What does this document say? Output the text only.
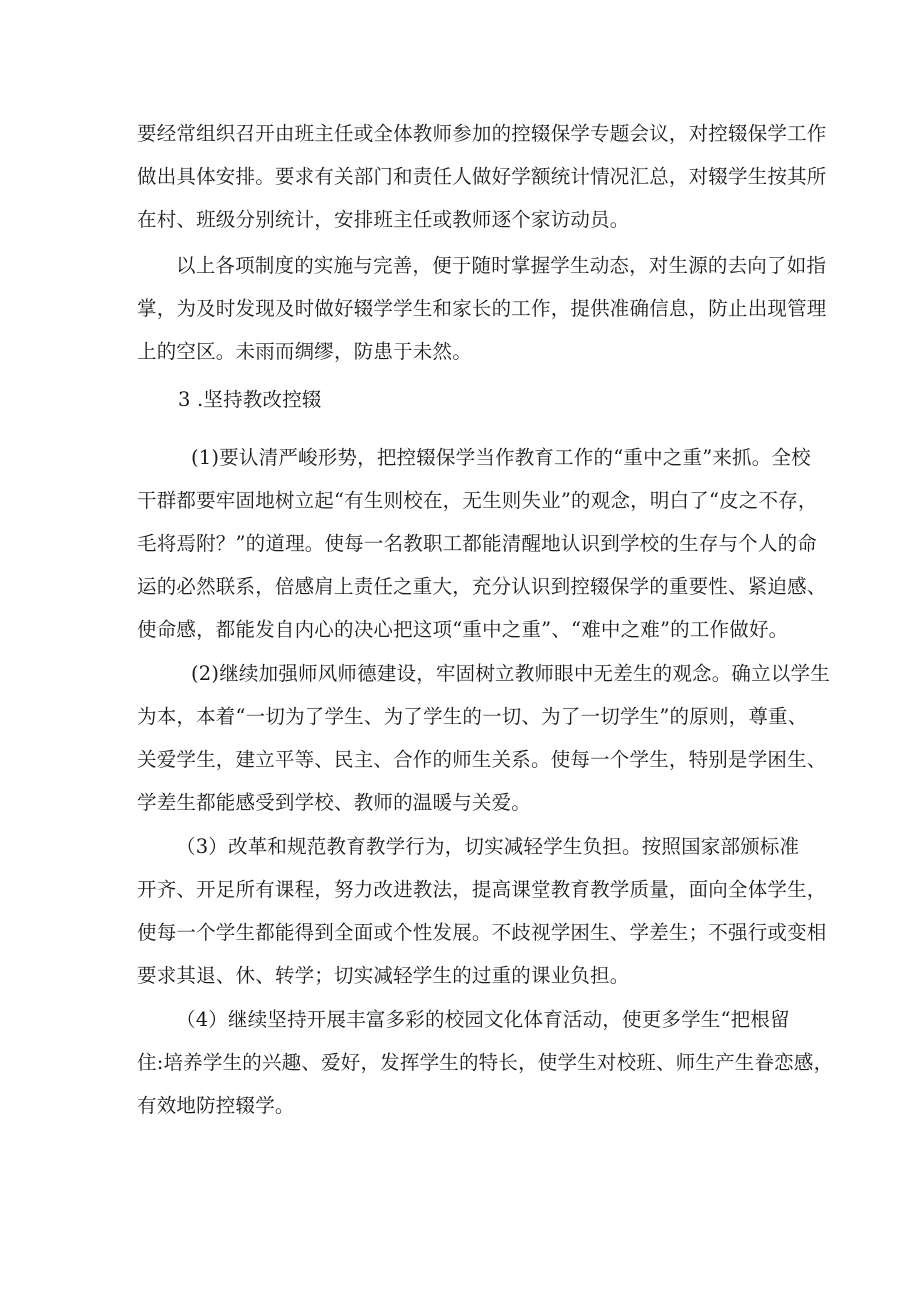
要经常组织召开由班主任或全体教师参加的控辍保学专题会议，对控辍保学工作
做出具体安排。要求有关部门和责任人做好学额统计情况汇总，对辍学生按其所
在村、班级分别统计，安排班主任或教师逐个家访动员。
以上各项制度的实施与完善，便于随时掌握学生动态，对生源的去向了如指
掌，为及时发现及时做好辍学学生和家长的工作，提供准确信息，防止出现管理
上的空区。未雨而绸缪，防患于未然。
3 .坚持教改控辍
(1)要认清严峻形势，把控辍保学当作教育工作的“重中之重”来抓。全校
干群都要牢固地树立起“有生则校在，无生则失业”的观念，明白了“皮之不存，
毛将焉附？”的道理。使每一名教职工都能清醒地认识到学校的生存与个人的命
运的必然联系，倍感肩上责任之重大，充分认识到控辍保学的重要性、紧迫感、
使命感，都能发自内心的决心把这项“重中之重”、“难中之难”的工作做好。
(2)继续加强师风师德建设，牢固树立教师眼中无差生的观念。确立以学生
为本，本着“一切为了学生、为了学生的一切、为了一切学生”的原则，尊重、
关爱学生，建立平等、民主、合作的师生关系。使每一个学生，特别是学困生、
学差生都能感受到学校、教师的温暖与关爱。
（3）改革和规范教育教学行为，切实减轻学生负担。按照国家部颁标准
开齐、开足所有课程，努力改进教法，提高课堂教育教学质量，面向全体学生，
使每一个学生都能得到全面或个性发展。不歧视学困生、学差生；不强行或变相
要求其退、休、转学；切实减轻学生的过重的课业负担。
（4）继续坚持开展丰富多彩的校园文化体育活动，使更多学生“把根留
住:培养学生的兴趣、爱好，发挥学生的特长，使学生对校班、师生产生眷恋感，
有效地防控辍学。
